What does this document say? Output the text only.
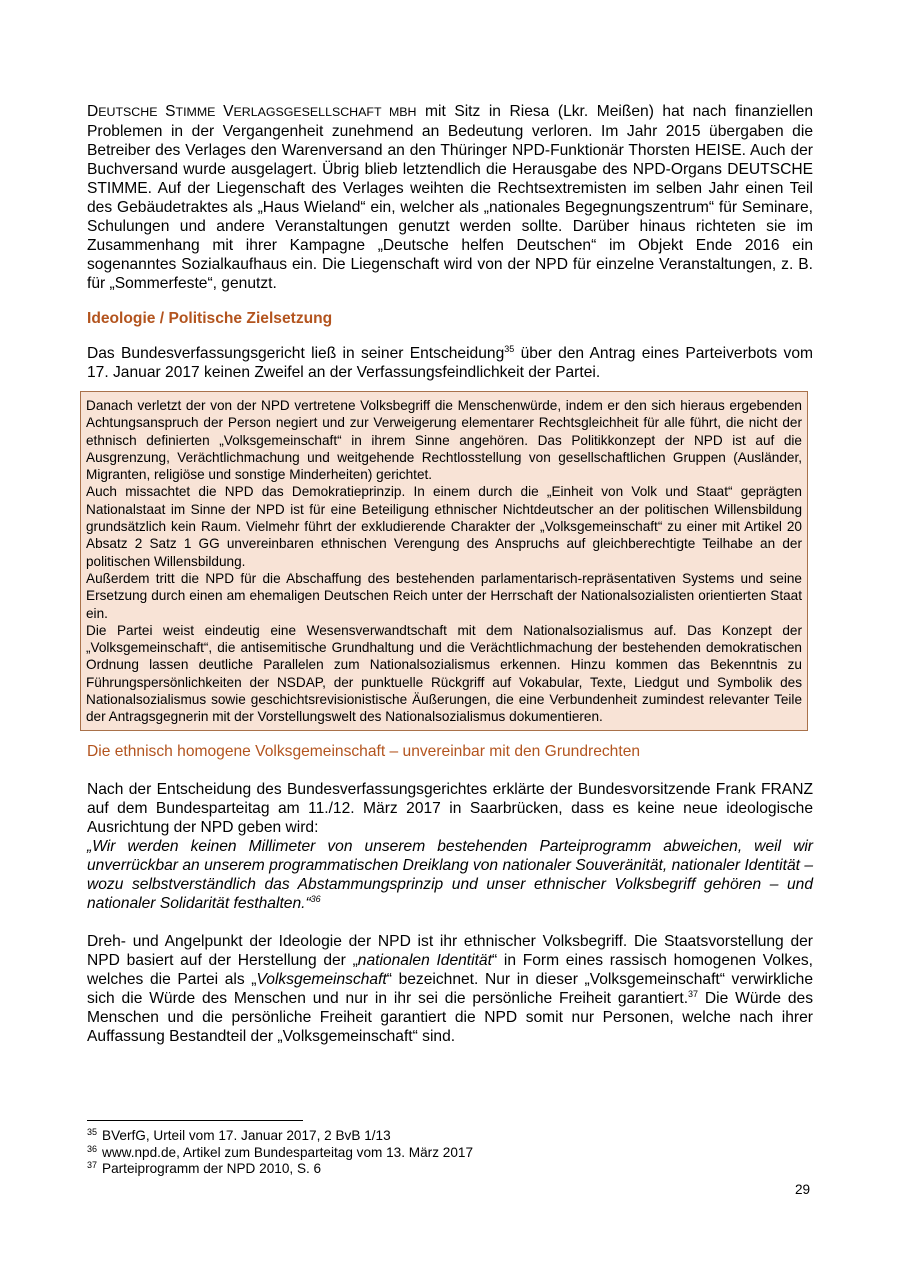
DEUTSCHE STIMME VERLAGSGESELLSCHAFT MBH mit Sitz in Riesa (Lkr. Meißen) hat nach finanziellen Problemen in der Vergangenheit zunehmend an Bedeutung verloren. Im Jahr 2015 übergaben die Betreiber des Verlages den Warenversand an den Thüringer NPD-Funktionär Thorsten HEISE. Auch der Buchversand wurde ausgelagert. Übrig blieb letztendlich die Herausgabe des NPD-Organs DEUTSCHE STIMME. Auf der Liegenschaft des Verlages weihten die Rechtsextremisten im selben Jahr einen Teil des Gebäudetraktes als „Haus Wieland“ ein, welcher als „nationales Begegnungszentrum“ für Seminare, Schulungen und andere Veranstaltungen genutzt werden sollte. Darüber hinaus richteten sie im Zusammenhang mit ihrer Kampagne „Deutsche helfen Deutschen“ im Objekt Ende 2016 ein sogenanntes Sozialkaufhaus ein. Die Liegenschaft wird von der NPD für einzelne Veranstaltungen, z. B. für „Sommerfeste“, genutzt.

Ideologie / Politische Zielsetzung

Das Bundesverfassungsgericht ließ in seiner Entscheidung$^{35}$ über den Antrag eines Parteiverbots vom 17. Januar 2017 keinen Zweifel an der Verfassungsfeindlichkeit der Partei.

Danach verletzt der von der NPD vertretene Volksbegriff die Menschenwürde, indem er den sich hieraus ergebenden Achtungsanspruch der Person negiert und zur Verweigerung elementarer Rechtsgleichheit für alle führt, die nicht der ethnisch definierten „Volksgemeinschaft“ in ihrem Sinne angehören. Das Politikkonzept der NPD ist auf die Ausgrenzung, Verächtlichmachung und weitgehende Rechtlosstellung von gesellschaftlichen Gruppen (Ausländer, Migranten, religiöse und sonstige Minderheiten) gerichtet.

Auch missachtet die NPD das Demokratieprinzip. In einem durch die „Einheit von Volk und Staat“ geprägten Nationalstaat im Sinne der NPD ist für eine Beteiligung ethnischer Nichtdeutscher an der politischen Willensbildung grundsätzlich kein Raum. Vielmehr führt der exkludierende Charakter der „Volksgemeinschaft“ zu einer mit Artikel 20 Absatz 2 Satz 1 GG unvereinbaren ethnischen Verengung des Anspruchs auf gleichberechtigte Teilhabe an der politischen Willensbildung.

Außerdem tritt die NPD für die Abschaffung des bestehenden parlamentarisch-repräsentativen Systems und seine Ersetzung durch einen am ehemaligen Deutschen Reich unter der Herrschaft der Nationalsozialisten orientierten Staat ein.

Die Partei weist eindeutig eine Wesensverwandtschaft mit dem Nationalsozialismus auf. Das Konzept der „Volksgemeinschaft“, die antisemitische Grundhaltung und die Verächtlichmachung der bestehenden demokratischen Ordnung lassen deutliche Parallelen zum Nationalsozialismus erkennen. Hinzu kommen das Bekenntnis zu Führungspersönlichkeiten der NSDAP, der punktuelle Rückgriff auf Vokabular, Texte, Liedgut und Symbolik des Nationalsozialismus sowie geschichtsrevisionistische Äußerungen, die eine Verbundenheit zumindest relevanter Teile der Antragsgegnerin mit der Vorstellungswelt des Nationalsozialismus dokumentieren.

Die ethnisch homogene Volksgemeinschaft – unvereinbar mit den Grundrechten

Nach der Entscheidung des Bundesverfassungsgerichtes erklärte der Bundesvorsitzende Frank FRANZ auf dem Bundesparteitag am 11./12. März 2017 in Saarbrücken, dass es keine neue ideologische Ausrichtung der NPD geben wird:

„Wir werden keinen Millimeter von unserem bestehenden Parteiprogramm abweichen, weil wir unverrückbar an unserem programmatischen Dreiklang von nationaler Souveränität, nationaler Identität – wozu selbstverständlich das Abstammungsprinzip und unser ethnischer Volksbegriff gehören – und nationaler Solidarität festhalten.“$^{36}$

Dreh- und Angelpunkt der Ideologie der NPD ist ihr ethnischer Volksbegriff. Die Staatsvorstellung der NPD basiert auf der Herstellung der „nationalen Identität“ in Form eines rassisch homogenen Volkes, welches die Partei als „Volksgemeinschaft“ bezeichnet. Nur in dieser „Volksgemeinschaft“ verwirkliche sich die Würde des Menschen und nur in ihr sei die persönliche Freiheit garantiert.$^{37}$ Die Würde des Menschen und die persönliche Freiheit garantiert die NPD somit nur Personen, welche nach ihrer Auffassung Bestandteil der „Volksgemeinschaft“ sind.

$^{35}$ BVerfG, Urteil vom 17. Januar 2017, 2 BvB 1/13
$^{36}$ www.npd.de, Artikel zum Bundesparteitag vom 13. März 2017
$^{37}$ Parteiprogramm der NPD 2010, S. 6
29
